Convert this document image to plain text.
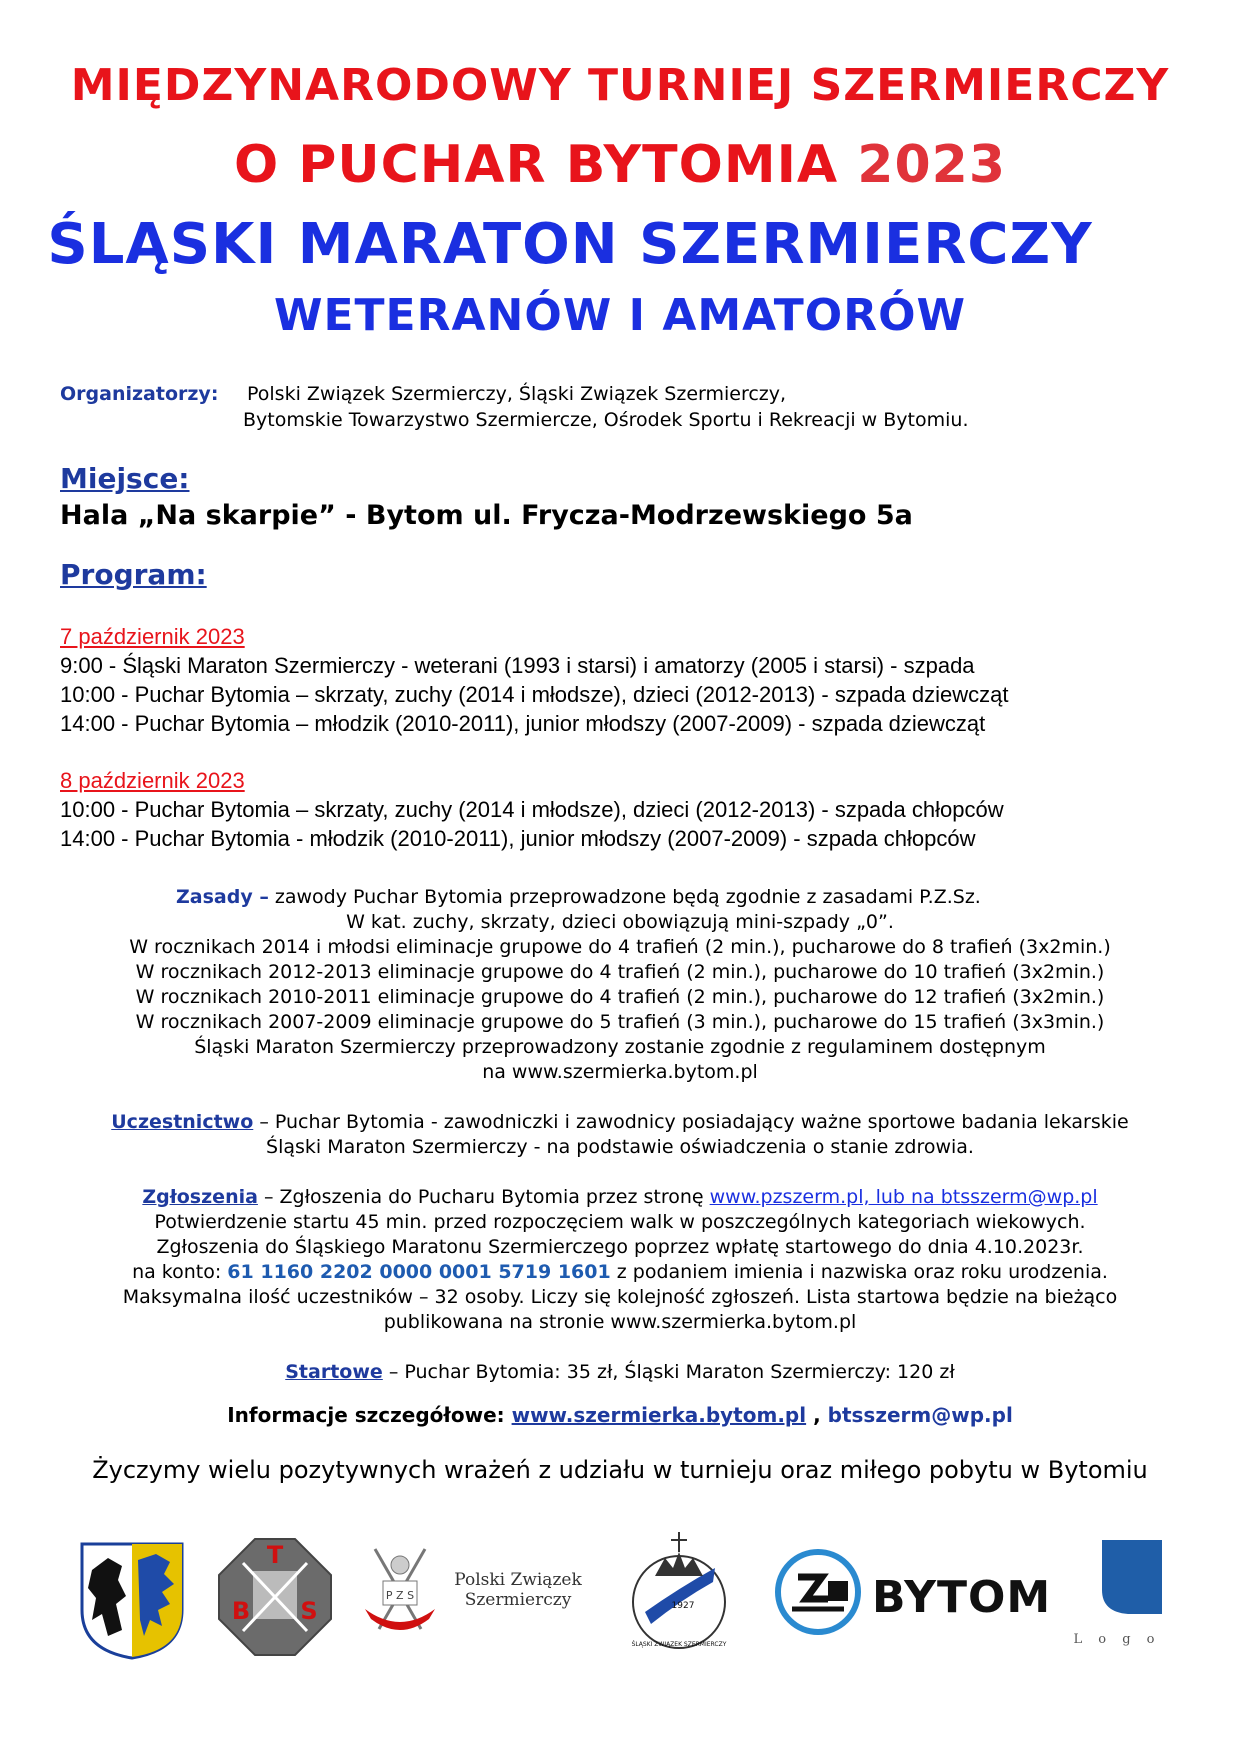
MIĘDZYNARODOWY TURNIEJ SZERMIERCZY
O PUCHAR BYTOMIA 2023
ŚLĄSKI MARATON SZERMIERCZY
WETERANÓW I AMATORÓW
Organizatorzy: Polski Związek Szermierczy, Śląski Związek Szermierczy,
Bytomskie Towarzystwo Szermiercze, Ośrodek Sportu i Rekreacji w Bytomiu.
Miejsce:
Hala „Na skarpie” - Bytom ul. Frycza-Modrzewskiego 5a
Program:
7 październik 2023
9:00 - Śląski Maraton Szermierczy - weterani (1993 i starsi) i amatorzy (2005 i starsi) - szpada
10:00 - Puchar Bytomia – skrzaty, zuchy (2014 i młodsze), dzieci (2012-2013) - szpada dziewcząt
14:00 - Puchar Bytomia – młodzik (2010-2011), junior młodszy (2007-2009) - szpada dziewcząt
8 październik 2023
10:00 - Puchar Bytomia – skrzaty, zuchy (2014 i młodsze), dzieci (2012-2013) - szpada chłopców
14:00 - Puchar Bytomia - młodzik (2010-2011), junior młodszy (2007-2009) - szpada chłopców
Zasady – zawody Puchar Bytomia przeprowadzone będą zgodnie z zasadami P.Z.Sz.
W kat. zuchy, skrzaty, dzieci obowiązują mini-szpady „0”.
W rocznikach 2014 i młodsi eliminacje grupowe do 4 trafień (2 min.), pucharowe do 8 trafień (3x2min.)
W rocznikach 2012-2013 eliminacje grupowe do 4 trafień (2 min.), pucharowe do 10 trafień (3x2min.)
W rocznikach 2010-2011 eliminacje grupowe do 4 trafień (2 min.), pucharowe do 12 trafień (3x2min.)
W rocznikach 2007-2009 eliminacje grupowe do 5 trafień (3 min.), pucharowe do 15 trafień (3x3min.)
Śląski Maraton Szermierczy przeprowadzony zostanie zgodnie z regulaminem dostępnym
na www.szermierka.bytom.pl
Uczestnictwo – Puchar Bytomia - zawodniczki i zawodnicy posiadający ważne sportowe badania lekarskie
Śląski Maraton Szermierczy - na podstawie oświadczenia o stanie zdrowia.
Zgłoszenia – Zgłoszenia do Pucharu Bytomia przez stronę www.pzszerm.pl, lub na btsszerm@wp.pl
Potwierdzenie startu 45 min. przed rozpoczęciem walk w poszczególnych kategoriach wiekowych.
Zgłoszenia do Śląskiego Maratonu Szermierczego poprzez wpłatę startowego do dnia 4.10.2023r.
na konto: 61 1160 2202 0000 0001 5719 1601 z podaniem imienia i nazwiska oraz roku urodzenia.
Maksymalna ilość uczestników – 32 osoby. Liczy się kolejność zgłoszeń. Lista startowa będzie na bieżąco
publikowana na stronie www.szermierka.bytom.pl
Startowe – Puchar Bytomia: 35 zł, Śląski Maraton Szermierczy: 120 zł
Informacje szczegółowe: www.szermierka.bytom.pl , btsszerm@wp.pl
Życzymy wielu pozytywnych wrażeń z udziału w turnieju oraz miłego pobytu w Bytomiu
T
B S
P Z S
Polski Związek
Szermierczy	1927
ŚLĄSKI ZWIĄZEK SZERMIERCZY
BYTOM
L o g o
